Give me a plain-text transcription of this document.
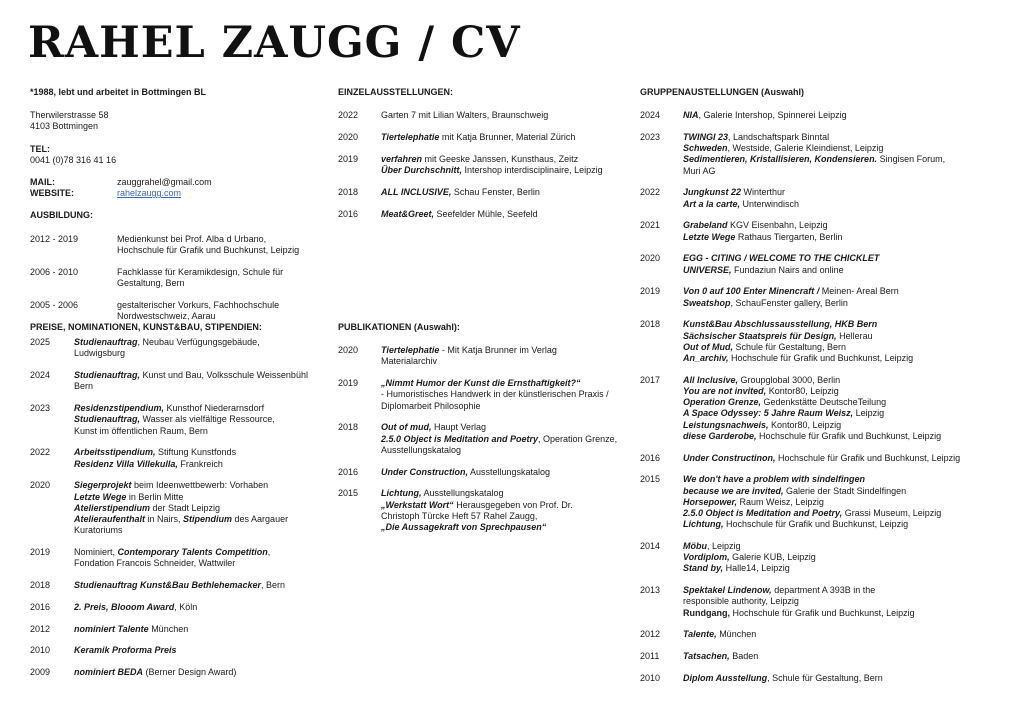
RAHEL ZAUGG / CV
*1988, lebt und arbeitet in Bottmingen BL
Therwilerstrasse 58
4103 Bottmingen
TEL:
0041 (0)78 316 41 16
MAIL:	zauggrahel@gmail.com
WEBSITE:	rahelzaugg.com
AUSBILDUNG:
2012 - 2019	Medienkunst bei Prof. Alba d Urbano,
Hochschule für Grafik und Buchkunst, Leipzig
2006 - 2010	Fachklasse für Keramikdesign, Schule für
Gestaltung, Bern
2005 - 2006	gestalterischer Vorkurs, Fachhochschule
Nordwestschweiz, Aarau
PREISE, NOMINATIONEN, KUNST&BAU, STIPENDIEN:
2025	Studienauftrag, Neubau Verfügungsgebäude,
Ludwigsburg
2024	Studienauftrag, Kunst und Bau, Volksschule Weissenbühl
Bern
2023	Residenzstipendium, Kunsthof Niederarnsdorf
Studienauftrag, Wasser als vielfältige Ressource,
Kunst im öffentlichen Raum, Bern
2022	Arbeitsstipendium, Stiftung Kunstfonds
Residenz Villa Villekulla, Frankreich
2020	Siegerprojekt beim Ideenwettbewerb: Vorhaben
Letzte Wege in Berlin Mitte
Atelierstipendium der Stadt Leipzig
Atelieraufenthalt in Nairs, Stipendium des Aargauer
Kuratoriums
2019	Nominiert, Contemporary Talents Competition,
Fondation Francois Schneider, Wattwiler
2018	Studienauftrag Kunst&Bau Bethlehemacker, Bern
2016	2. Preis, Blooom Award, Köln
2012	nominiert Talente München
2010	Keramik Proforma Preis
2009	nominiert BEDA (Berner Design Award)
EINZELAUSSTELLUNGEN:
2022	Garten 7 mit Lilian Walters, Braunschweig
2020	Tiertelephatie mit Katja Brunner, Material Zürich
2019	verfahren mit Geeske Janssen, Kunsthaus, Zeitz
Über Durchschnitt, Intershop interdisciplinaire, Leipzig
2018	ALL INCLUSIVE, Schau Fenster, Berlin
2016	Meat&Greet, Seefelder Mühle, Seefeld
PUBLIKATIONEN (Auswahl):
2020	Tiertelephatie - Mit Katja Brunner im Verlag
Materialarchiv
2019	„Nimmt Humor der Kunst die Ernsthaftigkeit?“
- Humoristisches Handwerk in der künstlerischen Praxis /
Diplomarbeit Philosophie
2018	Out of mud, Haupt Verlag
2.5.0 Object is Meditation and Poetry, Operation Grenze,
Ausstellungskatalog
2016	Under Construction, Ausstellungskatalog
2015	Lichtung, Ausstellungskatalog
„Werkstatt Wort“ Herausgegeben von Prof. Dr.
Christoph Türcke Heft 57 Rahel Zaugg,
„Die Aussagekraft von Sprechpausen“
GRUPPENAUSTELLUNGEN (Auswahl)
2024	NIA, Galerie Intershop, Spinnerei Leipzig
2023	TWINGI 23, Landschaftspark Binntal
Schweden, Westside, Galerie Kleindienst, Leipzig
Sedimentieren, Kristallisieren, Kondensieren. Singisen Forum,
Muri AG
2022	Jungkunst 22 Winterthur
Art a la carte, Unterwindisch
2021	Grabeland KGV Eisenbahn, Leipzig
Letzte Wege Rathaus Tiergarten, Berlin
2020	EGG - CITING / WELCOME TO THE CHICKLET
UNIVERSE, Fundaziun Nairs and online
2019	Von 0 auf 100 Enter Minencraft / Meinen- Areal Bern
Sweatshop, SchauFenster gallery, Berlin
2018	Kunst&Bau Abschlussausstellung, HKB Bern
Sächsischer Staatspreis für Design, Hellerau
Out of Mud, Schule für Gestaltung, Bern
An_archiv, Hochschule für Grafik und Buchkunst, Leipzig
2017	All Inclusive, Groupglobal 3000, Berlin
You are not invited, Kontor80, Leipzig
Operation Grenze, Gedenkstätte DeutscheTeilung
A Space Odyssey: 5 Jahre Raum Weisz, Leipzig
Leistungsnachweis, Kontor80, Leipzig
diese Garderobe, Hochschule für Grafik und Buchkunst, Leipzig
2016	Under Constructinon, Hochschule für Grafik und Buchkunst, Leipzig
2015	We don't have a problem with sindelfingen
because we are invited, Galerie der Stadt Sindelfingen
Horsepower, Raum Weisz, Leipzig
2.5.0 Object is Meditation and Poetry, Grassi Museum, Leipzig
Lichtung, Hochschule für Grafik und Buchkunst, Leipzig
2014	Möbu, Leipzig
Vordiplom, Galerie KUB, Leipzig
Stand by, Halle14, Leipzig
2013	Spektakel Lindenow, department A 393B in the
responsible authority, Leipzig
Rundgang, Hochschule für Grafik und Buchkunst, Leipzig
2012	Talente, München
2011	Tatsachen, Baden
2010	Diplom Ausstellung, Schule für Gestaltung, Bern
